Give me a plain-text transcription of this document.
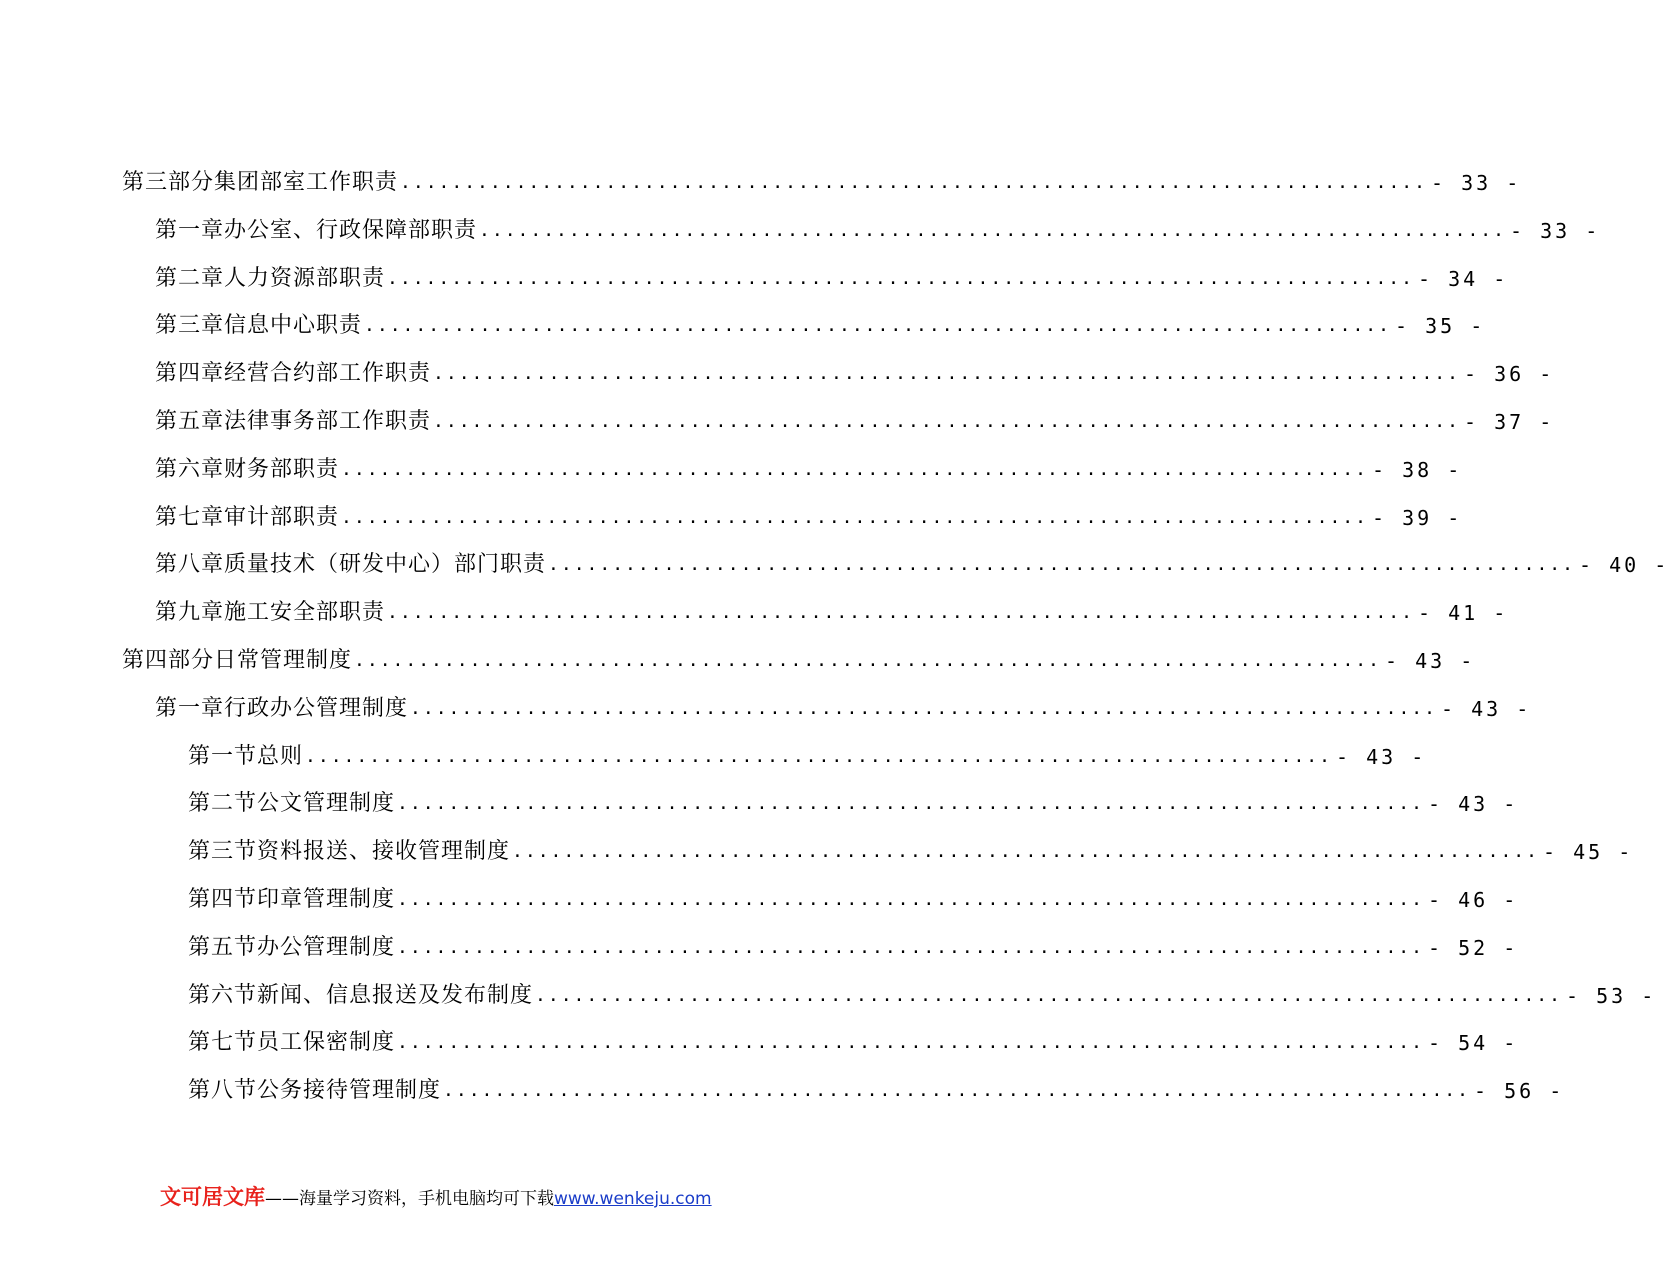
第三部分 集团部室工作职责 ................................................................................ - 33 -
第一章 办公室、行政保障部职责 ................................................................................ - 33 -
第二章 人力资源部职责 ................................................................................ - 34 -
第三章 信息中心职责 ................................................................................ - 35 -
第四章 经营合约部工作职责 ................................................................................ - 36 -
第五章 法律事务部工作职责 ................................................................................ - 37 -
第六章 财务部职责 ................................................................................ - 38 -
第七章 审计部职责 ................................................................................ - 39 -
第八章 质量技术（研发中心）部门职责 ................................................................................ - 40 -
第九章 施工安全部职责 ................................................................................ - 41 -
第四部分 日常管理制度 ................................................................................ - 43 -
第一章 行政办公管理制度 ................................................................................ - 43 -
第一节 总则 ................................................................................ - 43 -
第二节 公文管理制度 ................................................................................ - 43 -
第三节 资料报送、接收管理制度 ................................................................................ - 45 -
第四节 印章管理制度 ................................................................................ - 46 -
第五节 办公管理制度 ................................................................................ - 52 -
第六节 新闻、信息报送及发布制度 ................................................................................ - 53 -
第七节 员工保密制度 ................................................................................ - 54 -
第八节 公务接待管理制度 ................................................................................ - 56 -
文可居文库 —— 海量学习资料，手机电脑均可下载 www.wenkeju.com
